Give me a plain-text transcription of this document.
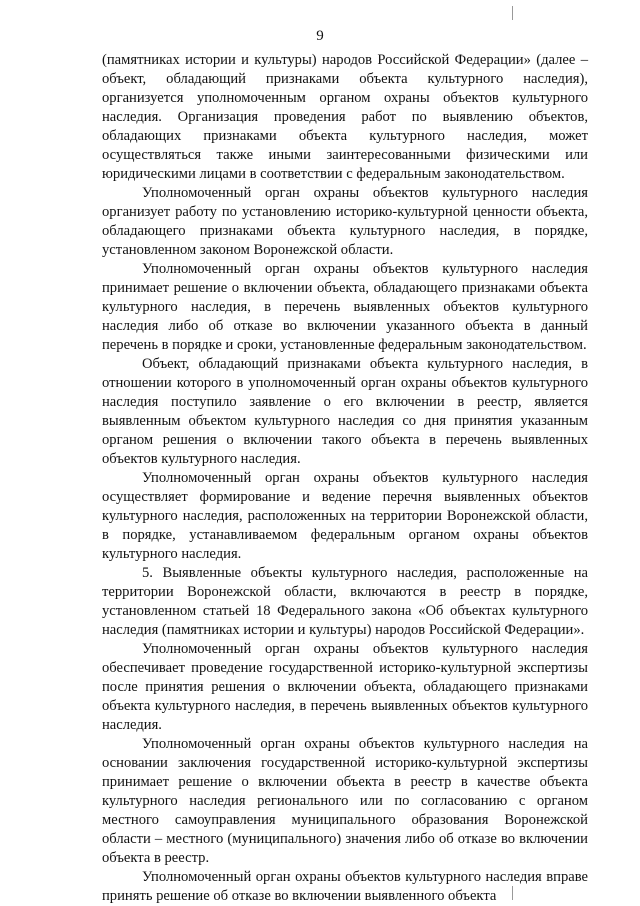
9

(памятниках истории и культуры) народов Российской Федерации» (далее – объект, обладающий признаками объекта культурного наследия), организуется уполномоченным органом охраны объектов культурного наследия. Организация проведения работ по выявлению объектов, обладающих признаками объекта культурного наследия, может осуществляться также иными заинтересованными физическими или юридическими лицами в соответствии с федеральным законодательством.

Уполномоченный орган охраны объектов культурного наследия организует работу по установлению историко-культурной ценности объекта, обладающего признаками объекта культурного наследия, в порядке, установленном законом Воронежской области.

Уполномоченный орган охраны объектов культурного наследия принимает решение о включении объекта, обладающего признаками объекта культурного наследия, в перечень выявленных объектов культурного наследия либо об отказе во включении указанного объекта в данный перечень в порядке и сроки, установленные федеральным законодательством.

Объект, обладающий признаками объекта культурного наследия, в отношении которого в уполномоченный орган охраны объектов культурного наследия поступило заявление о его включении в реестр, является выявленным объектом культурного наследия со дня принятия указанным органом решения о включении такого объекта в перечень выявленных объектов культурного наследия.

Уполномоченный орган охраны объектов культурного наследия осуществляет формирование и ведение перечня выявленных объектов культурного наследия, расположенных на территории Воронежской области, в порядке, устанавливаемом федеральным органом охраны объектов культурного наследия.

5. Выявленные объекты культурного наследия, расположенные на территории Воронежской области, включаются в реестр в порядке, установленном статьей 18 Федерального закона «Об объектах культурного наследия (памятниках истории и культуры) народов Российской Федерации».

Уполномоченный орган охраны объектов культурного наследия обеспечивает проведение государственной историко-культурной экспертизы после принятия решения о включении объекта, обладающего признаками объекта культурного наследия, в перечень выявленных объектов культурного наследия.

Уполномоченный орган охраны объектов культурного наследия на основании заключения государственной историко-культурной экспертизы принимает решение о включении объекта в реестр в качестве объекта культурного наследия регионального или по согласованию с органом местного самоуправления муниципального образования Воронежской области – местного (муниципального) значения либо об отказе во включении объекта в реестр.

Уполномоченный орган охраны объектов культурного наследия вправе принять решение об отказе во включении выявленного объекта
